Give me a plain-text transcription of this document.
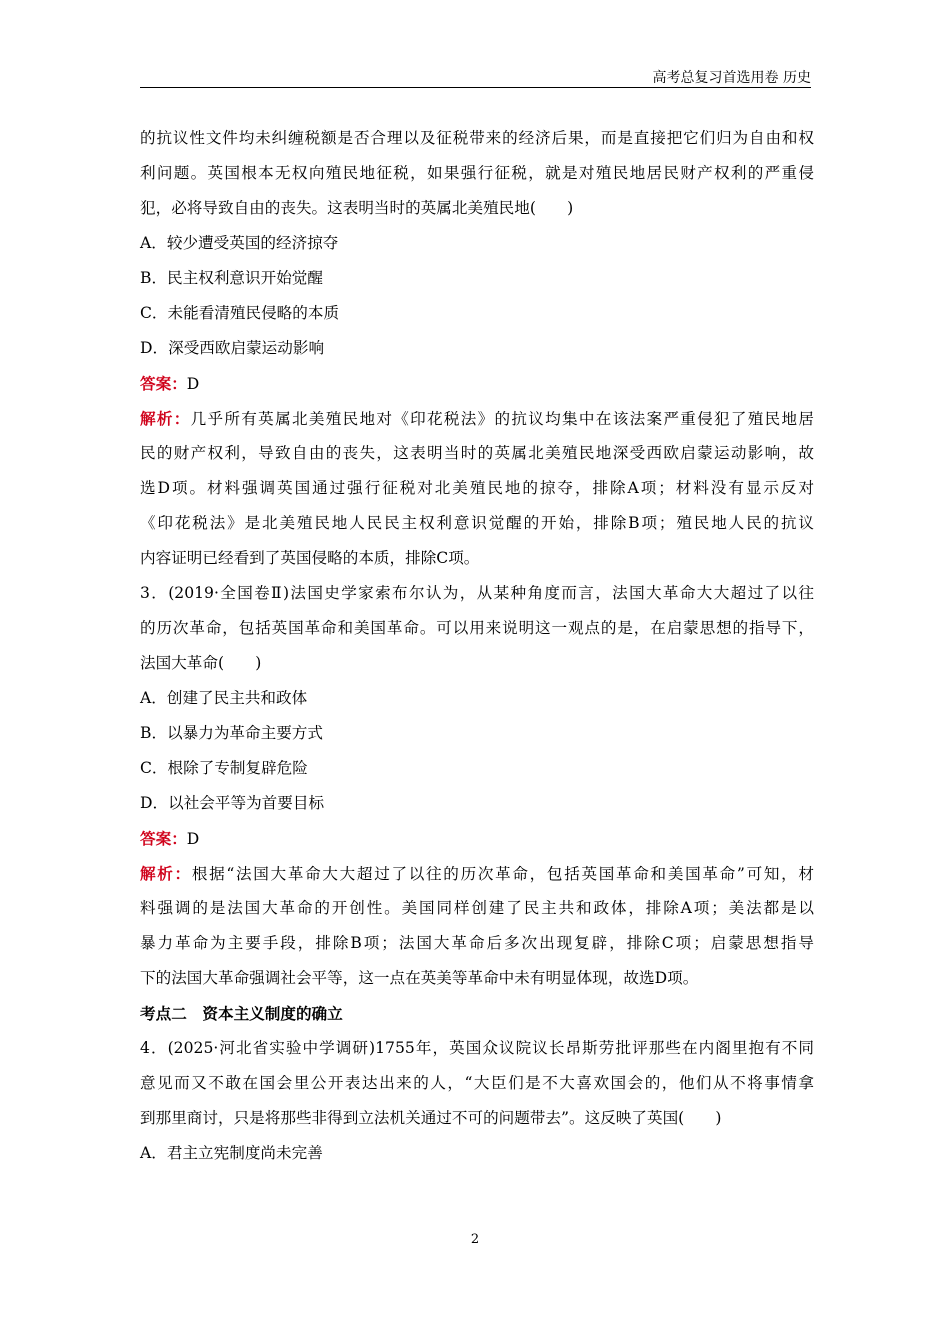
高考总复习首选用卷 历史
的抗议性文件均未纠缠税额是否合理以及征税带来的经济后果，而是直接把它们归为自由和权
利问题。英国根本无权向殖民地征税，如果强行征税，就是对殖民地居民财产权利的严重侵
犯，必将导致自由的丧失。这表明当时的英属北美殖民地(　　)
A．较少遭受英国的经济掠夺
B．民主权利意识开始觉醒
C．未能看清殖民侵略的本质
D．深受西欧启蒙运动影响
答案：D
解析：几乎所有英属北美殖民地对《印花税法》的抗议均集中在该法案严重侵犯了殖民地居
民的财产权利，导致自由的丧失，这表明当时的英属北美殖民地深受西欧启蒙运动影响，故
选D项。材料强调英国通过强行征税对北美殖民地的掠夺，排除A项；材料没有显示反对
《印花税法》是北美殖民地人民民主权利意识觉醒的开始，排除B项；殖民地人民的抗议
内容证明已经看到了英国侵略的本质，排除C项。
3．(2019·全国卷Ⅱ)法国史学家索布尔认为，从某种角度而言，法国大革命大大超过了以往
的历次革命，包括英国革命和美国革命。可以用来说明这一观点的是，在启蒙思想的指导下，
法国大革命(　　)
A．创建了民主共和政体
B．以暴力为革命主要方式
C．根除了专制复辟危险
D．以社会平等为首要目标
答案：D
解析：根据“法国大革命大大超过了以往的历次革命，包括英国革命和美国革命”可知，材
料强调的是法国大革命的开创性。美国同样创建了民主共和政体，排除A项；美法都是以
暴力革命为主要手段，排除B项；法国大革命后多次出现复辟，排除C项；启蒙思想指导
下的法国大革命强调社会平等，这一点在英美等革命中未有明显体现，故选D项。
考点二　资本主义制度的确立
4．(2025·河北省实验中学调研)1755年，英国众议院议长昂斯劳批评那些在内阁里抱有不同
意见而又不敢在国会里公开表达出来的人，“大臣们是不大喜欢国会的，他们从不将事情拿
到那里商讨，只是将那些非得到立法机关通过不可的问题带去”。这反映了英国(　　)
A．君主立宪制度尚未完善
2
